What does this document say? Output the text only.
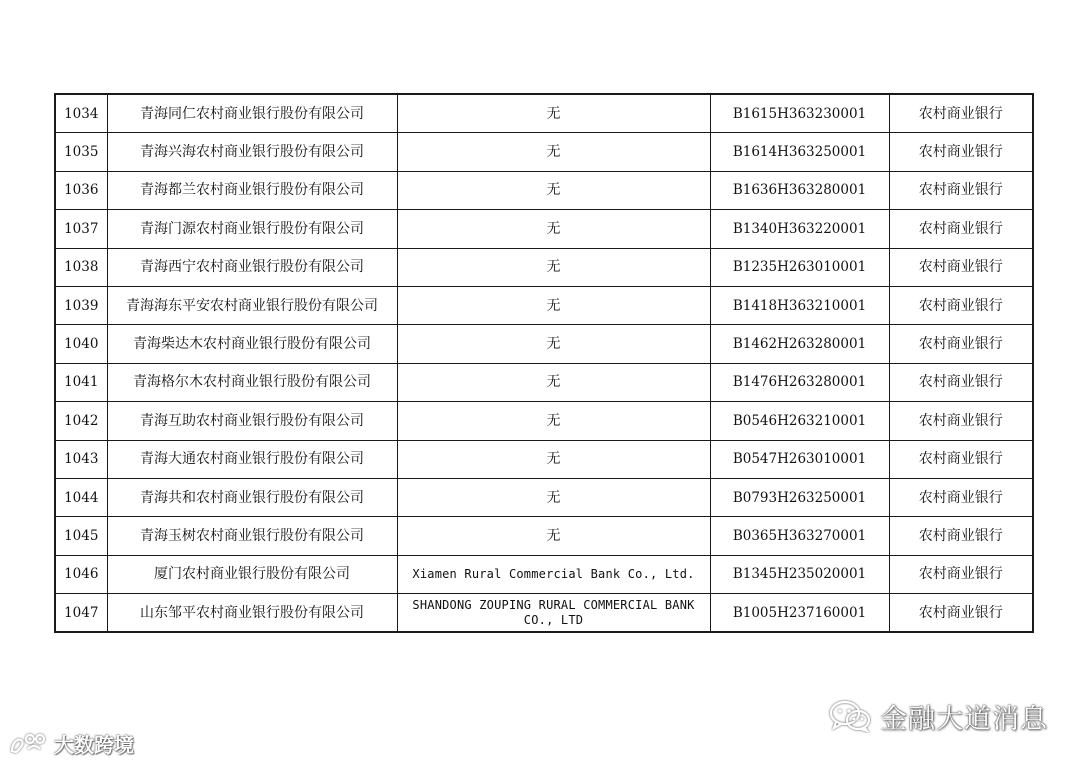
1034	青海同仁农村商业银行股份有限公司	无	B1615H363230001	农村商业银行
1035	青海兴海农村商业银行股份有限公司	无	B1614H363250001	农村商业银行
1036	青海都兰农村商业银行股份有限公司	无	B1636H363280001	农村商业银行
1037	青海门源农村商业银行股份有限公司	无	B1340H363220001	农村商业银行
1038	青海西宁农村商业银行股份有限公司	无	B1235H263010001	农村商业银行
1039	青海海东平安农村商业银行股份有限公司	无	B1418H363210001	农村商业银行
1040	青海柴达木农村商业银行股份有限公司	无	B1462H263280001	农村商业银行
1041	青海格尔木农村商业银行股份有限公司	无	B1476H263280001	农村商业银行
1042	青海互助农村商业银行股份有限公司	无	B0546H263210001	农村商业银行
1043	青海大通农村商业银行股份有限公司	无	B0547H263010001	农村商业银行
1044	青海共和农村商业银行股份有限公司	无	B0793H263250001	农村商业银行
1045	青海玉树农村商业银行股份有限公司	无	B0365H363270001	农村商业银行
1046	厦门农村商业银行股份有限公司	Xiamen Rural Commercial Bank Co., Ltd.	B1345H235020001	农村商业银行
1047	山东邹平农村商业银行股份有限公司	SHANDONG ZOUPING RURAL COMMERCIAL BANK CO., LTD	B1005H237160001	农村商业银行
大数跨境
金融大道消息
